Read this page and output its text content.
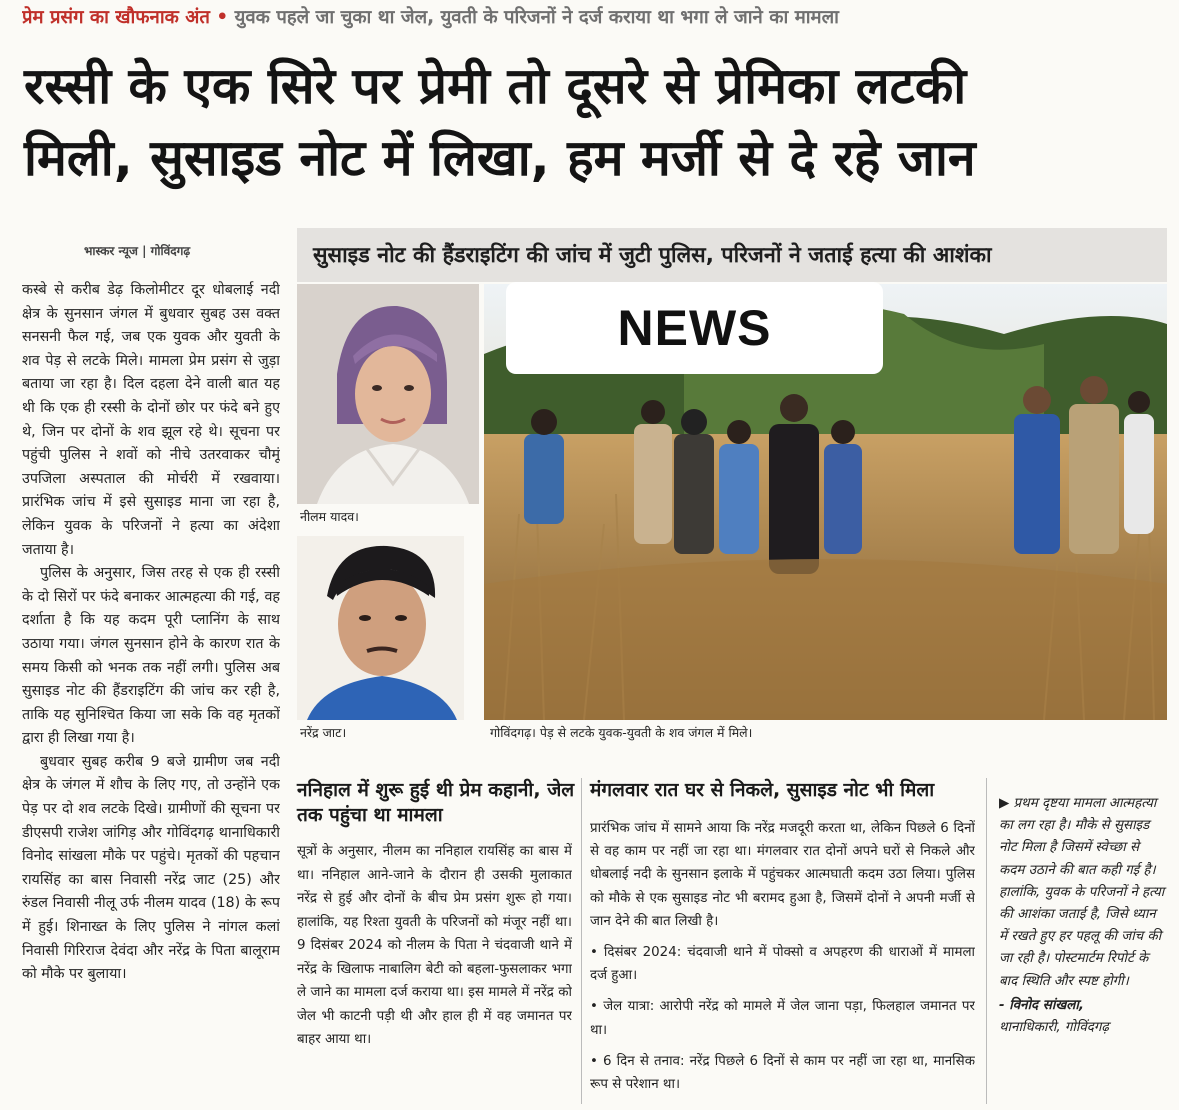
प्रेम प्रसंग का खौफनाक अंत • युवक पहले जा चुका था जेल, युवती के परिजनों ने दर्ज कराया था भगा ले जाने का मामला
रस्सी के एक सिरे पर प्रेमी तो दूसरे से प्रेमिका लटकी
मिली, सुसाइड नोट में लिखा, हम मर्जी से दे रहे जान
भास्कर न्यूज | गोविंदगढ़

कस्बे से करीब डेढ़ किलोमीटर दूर धोबलाई नदी क्षेत्र के सुनसान जंगल में बुधवार सुबह उस वक्त सनसनी फैल गई, जब एक युवक और युवती के शव पेड़ से लटके मिले। मामला प्रेम प्रसंग से जुड़ा बताया जा रहा है। दिल दहला देने वाली बात यह थी कि एक ही रस्सी के दोनों छोर पर फंदे बने हुए थे, जिन पर दोनों के शव झूल रहे थे। सूचना पर पहुंची पुलिस ने शवों को नीचे उतरवाकर चौमूं उपजिला अस्पताल की मोर्चरी में रखवाया। प्रारंभिक जांच में इसे सुसाइड माना जा रहा है, लेकिन युवक के परिजनों ने हत्या का अंदेशा जताया है।

पुलिस के अनुसार, जिस तरह से एक ही रस्सी के दो सिरों पर फंदे बनाकर आत्महत्या की गई, वह दर्शाता है कि यह कदम पूरी प्लानिंग के साथ उठाया गया। जंगल सुनसान होने के कारण रात के समय किसी को भनक तक नहीं लगी। पुलिस अब सुसाइड नोट की हैंडराइटिंग की जांच कर रही है, ताकि यह सुनिश्चित किया जा सके कि वह मृतकों द्वारा ही लिखा गया है।

बुधवार सुबह करीब 9 बजे ग्रामीण जब नदी क्षेत्र के जंगल में शौच के लिए गए, तो उन्होंने एक पेड़ पर दो शव लटके दिखे। ग्रामीणों की सूचना पर डीएसपी राजेश जांगिड़ और गोविंदगढ़ थानाधिकारी विनोद सांखला मौके पर पहुंचे। मृतकों की पहचान रायसिंह का बास निवासी नरेंद्र जाट (25) और रुंडल निवासी नीलू उर्फ नीलम यादव (18) के रूप में हुई। शिनाख्त के लिए पुलिस ने नांगल कलां निवासी गिरिराज देवंदा और नरेंद्र के पिता बालूराम को मौके पर बुलाया।

सुसाइड नोट की हैंडराइटिंग की जांच में जुटी पुलिस, परिजनों ने जताई हत्या की आशंका
नीलम यादव।
नरेंद्र जाट।	गोविंदगढ़। पेड़ से लटके युवक-युवती के शव जंगल में मिले।
NEWS
ननिहाल में शुरू हुई थी प्रेम कहानी, जेल तक पहुंचा था मामला
सूत्रों के अनुसार, नीलम का ननिहाल रायसिंह का बास में था। ननिहाल आने-जाने के दौरान ही उसकी मुलाकात नरेंद्र से हुई और दोनों के बीच प्रेम प्रसंग शुरू हो गया। हालांकि, यह रिश्ता युवती के परिजनों को मंजूर नहीं था। 9 दिसंबर 2024 को नीलम के पिता ने चंदवाजी थाने में नरेंद्र के खिलाफ नाबालिग बेटी को बहला-फुसलाकर भगा ले जाने का मामला दर्ज कराया था। इस मामले में नरेंद्र को जेल भी काटनी पड़ी थी और हाल ही में वह जमानत पर बाहर आया था।
मंगलवार रात घर से निकले, सुसाइड नोट भी मिला
प्रारंभिक जांच में सामने आया कि नरेंद्र मजदूरी करता था, लेकिन पिछले 6 दिनों से वह काम पर नहीं जा रहा था। मंगलवार रात दोनों अपने घरों से निकले और धोबलाई नदी के सुनसान इलाके में पहुंचकर आत्मघाती कदम उठा लिया। पुलिस को मौके से एक सुसाइड नोट भी बरामद हुआ है, जिसमें दोनों ने अपनी मर्जी से जान देने की बात लिखी है।
• दिसंबर 2024: चंदवाजी थाने में पोक्सो व अपहरण की धाराओं में मामला दर्ज हुआ।
• जेल यात्रा: आरोपी नरेंद्र को मामले में जेल जाना पड़ा, फिलहाल जमानत पर था।
• 6 दिन से तनाव: नरेंद्र पिछले 6 दिनों से काम पर नहीं जा रहा था, मानसिक रूप से परेशान था।
▶ प्रथम दृष्टया मामला आत्महत्या का लग रहा है। मौके से सुसाइड नोट मिला है जिसमें स्वेच्छा से कदम उठाने की बात कही गई है। हालांकि, युवक के परिजनों ने हत्या की आशंका जताई है, जिसे ध्यान में रखते हुए हर पहलू की जांच की जा रही है। पोस्टमार्टम रिपोर्ट के बाद स्थिति और स्पष्ट होगी।
- विनोद सांखला,
थानाधिकारी, गोविंदगढ़
